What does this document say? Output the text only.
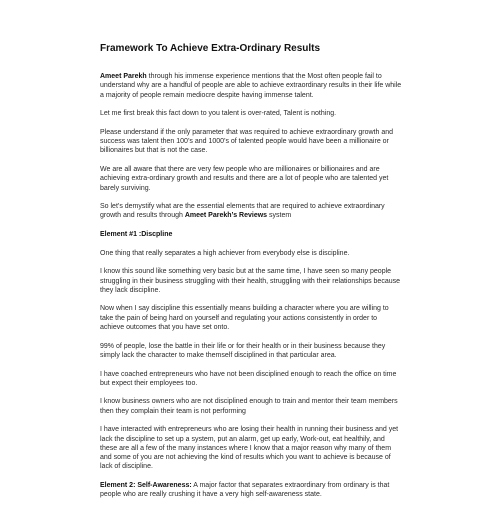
Framework To Achieve Extra-Ordinary Results

Ameet Parekh through his immense experience mentions that the Most often people fail to understand why are a handful of people are able to achieve extraordinary results in their life while a majority of people remain mediocre despite having immense talent.

Let me first break this fact down to you talent is over-rated, Talent is nothing.

Please understand if the only parameter that was required to achieve extraordinary growth and success was talent then 100’s and 1000’s of talented people would have been a millionaire or billionaires but that is not the case.

We are all aware that there are very few people who are millionaires or billionaires and are achieving extra-ordinary growth and results and there are a lot of people who are talented yet barely surviving.

So let’s demystify what are the essential elements that are required to achieve extraordinary growth and results through Ameet Parekh’s Reviews system

Element #1 :Discpline

One thing that really separates a high achiever from everybody else is discipline.

I know this sound like something very basic but at the same time, I have seen so many people struggling in their business struggling with their health, struggling with their relationships because they lack discipline.

Now when I say discipline this essentially means building a character where you are willing to take the pain of being hard on yourself and regulating your actions consistently in order to achieve outcomes that you have set onto.

99% of people, lose the battle in their life or for their health or in their business because they simply lack the character to make themself disciplined in that particular area.

I have coached entrepreneurs who have not been disciplined enough to reach the office on time but expect their employees too.

I know business owners who are not disciplined enough to train and mentor their team members then they complain their team is not performing

I have interacted with entrepreneurs who are losing their health in running their business and yet lack the discipline to set up a system, put an alarm, get up early, Work-out, eat healthily, and these are all a few of the many instances where I know that a major reason why many of them and some of you are not achieving the kind of results which you want to achieve is because of lack of discipline.

Element 2: Self-Awareness: A major factor that separates extraordinary from ordinary is that people who are really crushing it have a very high self-awareness state.
